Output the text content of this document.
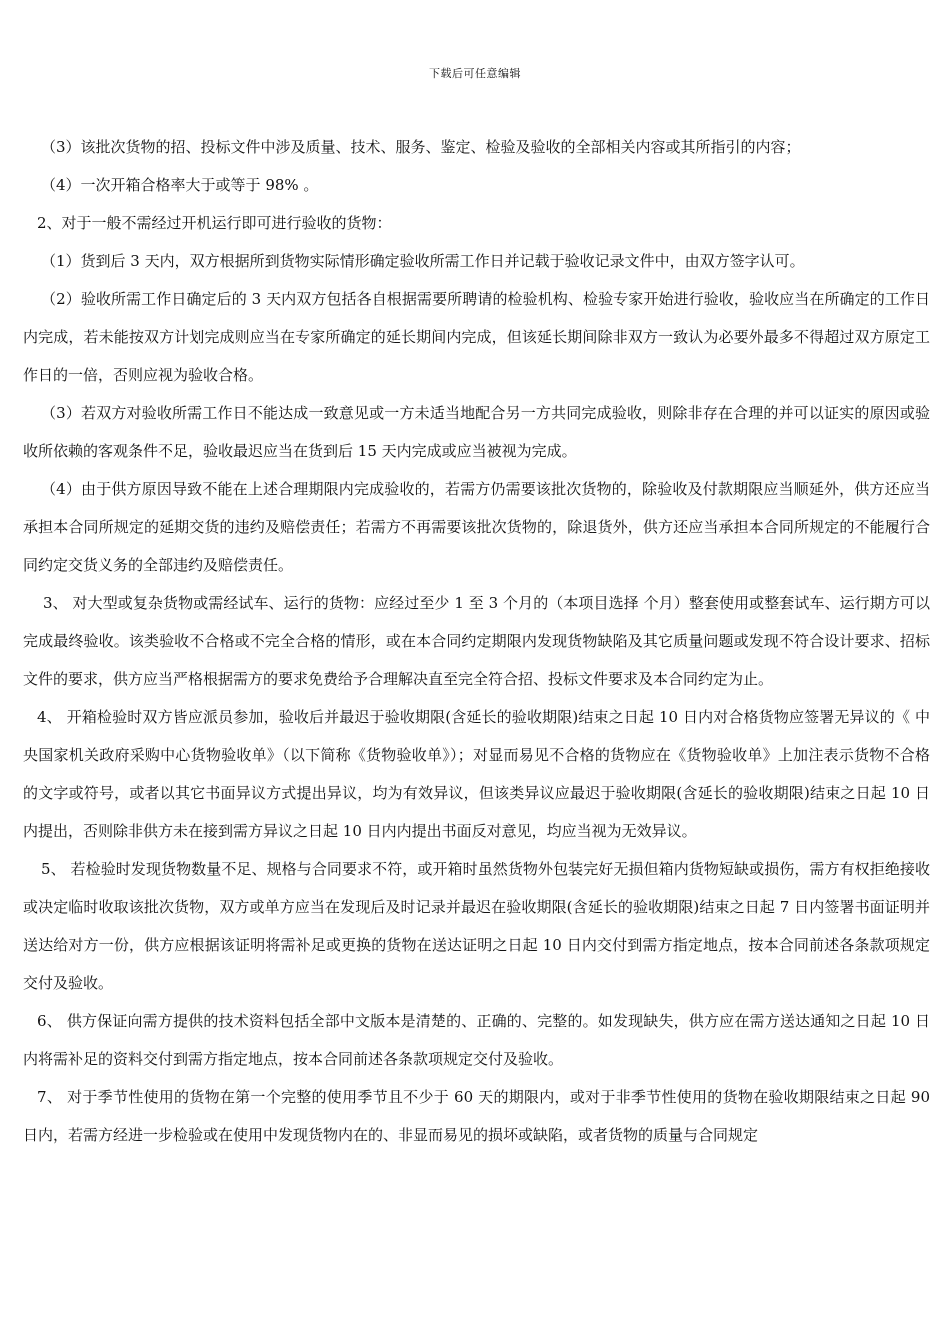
下载后可任意编辑

（3）该批次货物的招、投标文件中涉及质量、技术、服务、鉴定、检验及验收的全部相关内容或其所指引的内容；

（4）一次开箱合格率大于或等于 98% 。

2、对于一般不需经过开机运行即可进行验收的货物：

（1）货到后 3 天内，双方根据所到货物实际情形确定验收所需工作日并记载于验收记录文件中，由双方签字认可。

（2）验收所需工作日确定后的 3 天内双方包括各自根据需要所聘请的检验机构、检验专家开始进行验收，验收应当在所确定的工作日内完成，若未能按双方计划完成则应当在专家所确定的延长期间内完成，但该延长期间除非双方一致认为必要外最多不得超过双方原定工作日的一倍，否则应视为验收合格。

（3）若双方对验收所需工作日不能达成一致意见或一方未适当地配合另一方共同完成验收，则除非存在合理的并可以证实的原因或验收所依赖的客观条件不足，验收最迟应当在货到后 15 天内完成或应当被视为完成。

（4）由于供方原因导致不能在上述合理期限内完成验收的，若需方仍需要该批次货物的，除验收及付款期限应当顺延外，供方还应当承担本合同所规定的延期交货的违约及赔偿责任；若需方不再需要该批次货物的，除退货外，供方还应当承担本合同所规定的不能履行合同约定交货义务的全部违约及赔偿责任。

3、 对大型或复杂货物或需经试车、运行的货物：应经过至少 1 至 3 个月的（本项目选择 个月）整套使用或整套试车、运行期方可以完成最终验收。该类验收不合格或不完全合格的情形，或在本合同约定期限内发现货物缺陷及其它质量问题或发现不符合设计要求、招标文件的要求，供方应当严格根据需方的要求免费给予合理解决直至完全符合招、投标文件要求及本合同约定为止。

4、 开箱检验时双方皆应派员参加，验收后并最迟于验收期限(含延长的验收期限)结束之日起 10 日内对合格货物应签署无异议的《 中央国家机关政府采购中心货物验收单》（以下简称《货物验收单》）；对显而易见不合格的货物应在《货物验收单》上加注表示货物不合格的文字或符号，或者以其它书面异议方式提出异议，均为有效异议，但该类异议应最迟于验收期限(含延长的验收期限)结束之日起 10 日内提出，否则除非供方未在接到需方异议之日起 10 日内内提出书面反对意见，均应当视为无效异议。

5、 若检验时发现货物数量不足、规格与合同要求不符，或开箱时虽然货物外包装完好无损但箱内货物短缺或损伤，需方有权拒绝接收或决定临时收取该批次货物，双方或单方应当在发现后及时记录并最迟在验收期限(含延长的验收期限)结束之日起 7 日内签署书面证明并送达给对方一份，供方应根据该证明将需补足或更换的货物在送达证明之日起 10 日内交付到需方指定地点，按本合同前述各条款项规定交付及验收。

6、 供方保证向需方提供的技术资料包括全部中文版本是清楚的、正确的、完整的。如发现缺失，供方应在需方送达通知之日起 10 日内将需补足的资料交付到需方指定地点，按本合同前述各条款项规定交付及验收。

7、 对于季节性使用的货物在第一个完整的使用季节且不少于 60 天的期限内，或对于非季节性使用的货物在验收期限结束之日起 90 日内，若需方经进一步检验或在使用中发现货物内在的、非显而易见的损坏或缺陷，或者货物的质量与合同规定
